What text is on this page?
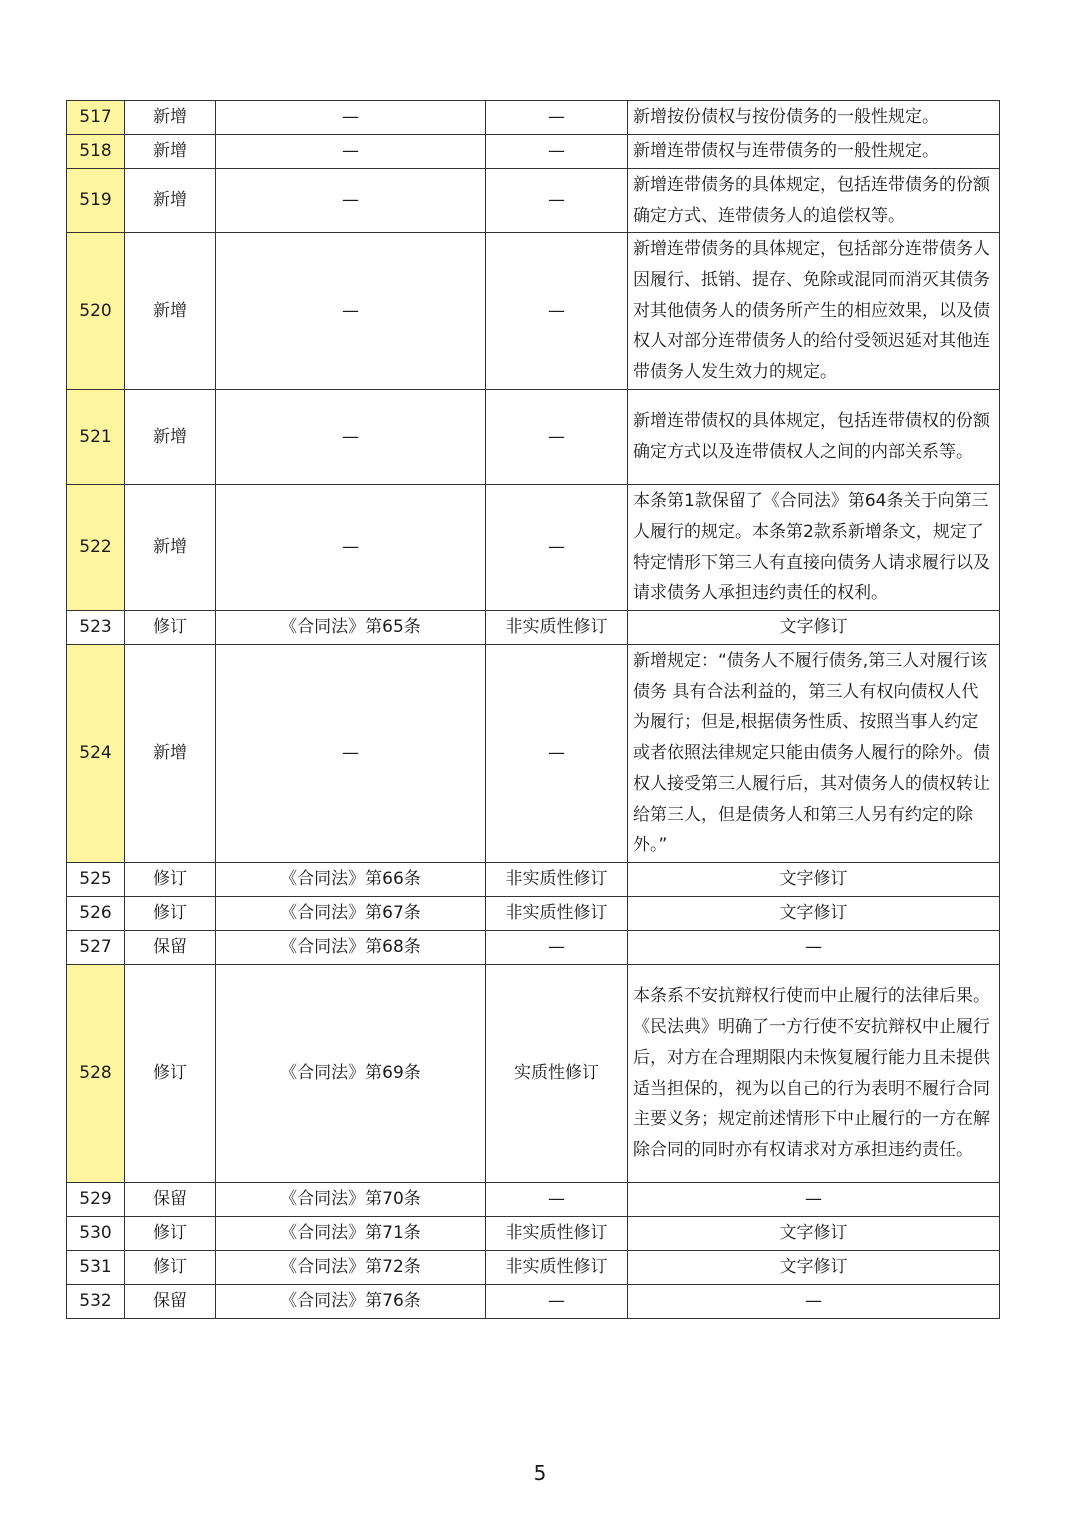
517	新增	—	—	新增按份债权与按份债务的一般性规定。
518	新增	—	—	新增连带债权与连带债务的一般性规定。
519	新增	—	—	新增连带债务的具体规定，包括连带债务的份额确定方式、连带债务人的追偿权等。
520	新增	—	—	新增连带债务的具体规定，包括部分连带债务人因履行、抵销、提存、免除或混同而消灭其债务对其他债务人的债务所产生的相应效果，以及债权人对部分连带债务人的给付受领迟延对其他连带债务人发生效力的规定。
521	新增	—	—	新增连带债权的具体规定，包括连带债权的份额确定方式以及连带债权人之间的内部关系等。
522	新增	—	—	本条第1款保留了《合同法》第64条关于向第三人履行的规定。本条第2款系新增条文，规定了特定情形下第三人有直接向债务人请求履行以及请求债务人承担违约责任的权利。
523	修订	《合同法》第65条	非实质性修订	文字修订
524	新增	—	—	新增规定：“债务人不履行债务,第三人对履行该债务 具有合法利益的，第三人有权向债权人代为履行；但是,根据债务性质、按照当事人约定或者依照法律规定只能由债务人履行的除外。债权人接受第三人履行后，其对债务人的债权转让给第三人，但是债务人和第三人另有约定的除外。”
525	修订	《合同法》第66条	非实质性修订	文字修订
526	修订	《合同法》第67条	非实质性修订	文字修订
527	保留	《合同法》第68条	—	—
528	修订	《合同法》第69条	实质性修订	本条系不安抗辩权行使而中止履行的法律后果。《民法典》明确了一方行使不安抗辩权中止履行后，对方在合理期限内未恢复履行能力且未提供适当担保的，视为以自己的行为表明不履行合同主要义务；规定前述情形下中止履行的一方在解除合同的同时亦有权请求对方承担违约责任。
529	保留	《合同法》第70条	—	—
530	修订	《合同法》第71条	非实质性修订	文字修订
531	修订	《合同法》第72条	非实质性修订	文字修订
532	保留	《合同法》第76条	—	—
5
